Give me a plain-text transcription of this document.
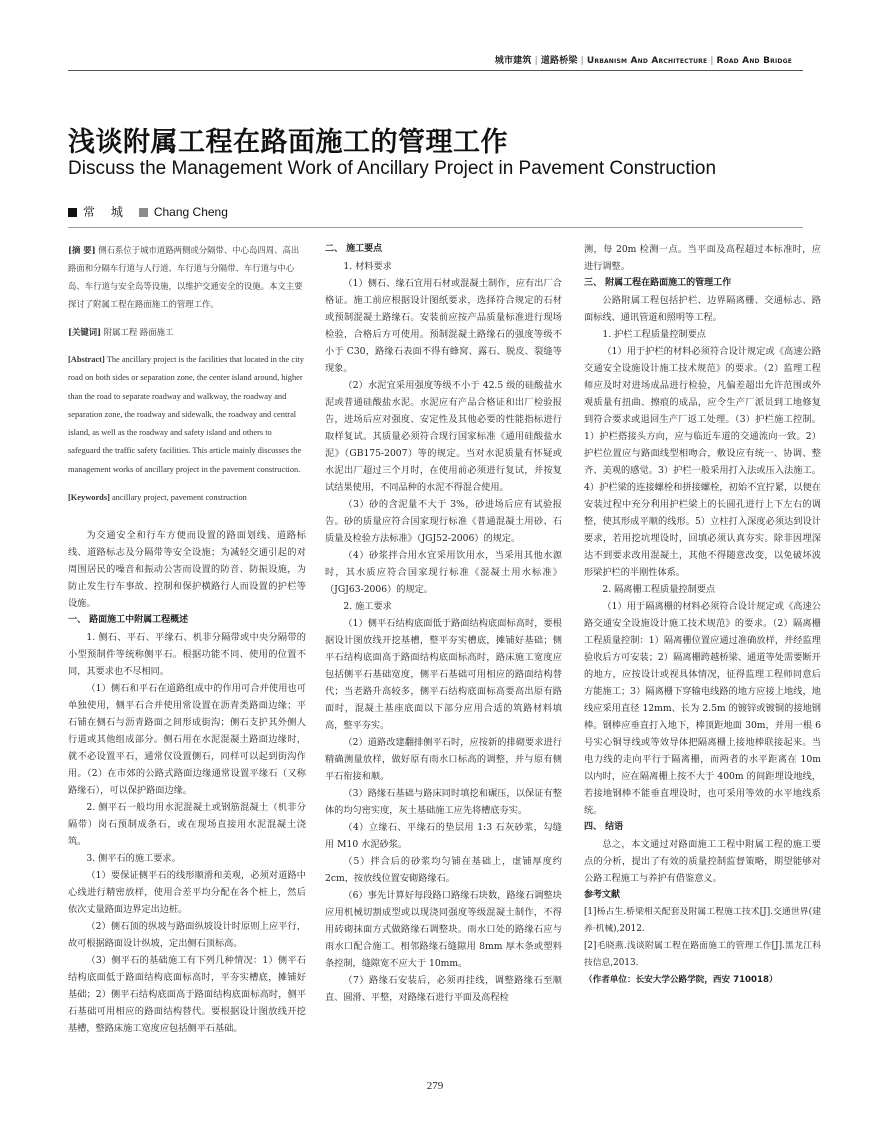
城市建筑 | 道路桥梁 | Urbanism And Architecture | Road And Bridge
浅谈附属工程在路面施工的管理工作
Discuss the Management Work of Ancillary Project in Pavement Construction
常 城 Chang Cheng
[摘 要] 侧石系位于城市道路两侧或分隔带、中心岛四周、高出路面和分隔车行道与人行道、车行道与分隔带、车行道与中心岛、车行道与安全岛等设施，以维护交通安全的设施。本文主要探讨了附属工程在路面施工的管理工作。
[关键词] 附属工程 路面施工
[Abstract] The ancillary project is the facilities that located in the city road on both sides or separation zone, the center island around, higher than the road to separate roadway and walkway, the roadway and separation zone, the roadway and sidewalk, the roadway and central island, as well as the roadway and safety island and others to safeguard the traffic safety facilities. This article mainly discusses the management works of ancillary project in the pavement construction.
[Keywords] ancillary project, pavement construction

为交通安全和行车方便而设置的路面划线、道路标线、道路标志及分隔带等安全设施；为减轻交通引起的对周围居民的噪音和振动公害而设置的防音、防振设施，为防止发生行车事故、控制和保护横路行人而设置的护栏等设施。

一、 路面施工中附属工程概述

1. 侧石、平石、平缘石、机非分隔带或中央分隔带的小型预制件等统称侧平石。根据功能不同、使用的位置不同，其要求也不尽相同。

（1）侧石和平石在道路组成中的作用可合并使用也可单独使用，侧平石合并使用常设置在沥青类路面边缘；平石铺在侧石与沥青路面之间形成街沟；侧石支护其外侧人行道或其他组成部分。侧石用在水泥混凝土路面边缘时，就不必设置平石，通常仅设置侧石，同样可以起到街沟作用。（2）在市郊的公路式路面边缘通常设置平缘石（又称路缘石），可以保护路面边缘。

2. 侧平石一般均用水泥混凝土或钢筋混凝土（机非分隔带）岗石预制成条石，或在现场直接用水泥混凝土浇筑。

3. 侧平石的施工要求。

（1）要保证侧平石的线形顺滑和美观，必须对道路中心线进行精密放样，使用合差平均分配在各个桩上，然后依次丈量路面边界定出边桩。

（2）侧石顶的纵坡与路面纵坡设计时原则上应平行，故可根据路面设计纵坡，定出侧石顶标高。

（3）侧平石的基础施工有下列几种情况：1）侧平石结构底面低于路面结构底面标高时，平夯实槽底，摊铺好基础；2）侧平石结构底面高于路面结构底面标高时，侧平石基础可用相应的路面结构替代。要根据设计图放线开挖基槽，整路床施工宽度应包括侧平石基础。

二、 施工要点

1. 材料要求

（1）侧石、缘石宜用石材或混凝土制作，应有出厂合格证。施工前应根据设计图纸要求，选择符合规定的石材或预制混凝土路缘石。安装前应按产品质量标准进行现场检验，合格后方可使用。预制混凝土路缘石的强度等级不小于 C30，路缘石表面不得有蜂窝、露石、脱皮、裂缝等现象。

（2）水泥宜采用强度等级不小于 42.5 级的硅酸盐水泥或普通硅酸盐水泥。水泥应有产品合格证和出厂检验报告，进场后应对强度、安定性及其他必要的性能指标进行取样复试。其质量必须符合现行国家标准《通用硅酸盐水泥》（GB175-2007）等的规定。当对水泥质量有怀疑或水泥出厂超过三个月时，在使用前必须进行复试，并按复试结果使用，不同品种的水泥不得混合使用。

（3）砂的含泥量不大于 3%，砂进场后应有试验报告。砂的质量应符合国家现行标准《普通混凝土用砂、石质量及检验方法标准》（JGJ52-2006）的规定。

（4）砂浆拌合用水宜采用饮用水，当采用其他水源时，其水质应符合国家现行标准《混凝土用水标准》（JGJ63-2006）的规定。

2. 施工要求

（1）侧平石结构底面低于路面结构底面标高时，要根据设计图放线开挖基槽，整平夯实槽底，摊铺好基础；侧平石结构底面高于路面结构底面标高时，路床施工宽度应包括侧平石基础宽度，侧平石基础可用相应的路面结构替代；当老路升高较多，侧平石结构底面标高要高出原有路面时，混凝土基座底面以下部分应用合适的筑路材料填高，整平夯实。

（2）道路改建翻排侧平石时，应按新的排砌要求进行精确测量放样，做好原有雨水口标高的调整，并与原有侧平石衔接和顺。

（3）路缘石基础与路床同时填挖和碾压，以保证有整体的均匀密实度，灰土基础施工应先将槽底夯实。

（4）立缘石、平缘石的垫层用 1:3 石灰砂浆，勾缝用 M10 水泥砂浆。

（5）拌合后的砂浆均匀铺在基础上，虚铺厚度约 2cm，按放线位置安砌路缘石。

（6）事先计算好每段路口路缘石块数，路缘石调整块应用机械切割成型或以现浇同强度等级混凝土制作，不得用砖砌抹面方式做路缘石调整块。雨水口处的路缘石应与雨水口配合施工。相邻路缘石缝隙用 8mm 厚木条或塑料条控制，缝隙宽不应大于 10mm。

（7）路缘石安装后，必须再挂线，调整路缘石至顺直、圆滑、平整，对路缘石进行平面及高程检

测，每 20m 检测一点。当平面及高程超过本标准时，应进行调整。

三、 附属工程在路面施工的管理工作

公路附属工程包括护栏、边界隔离栅、交通标志、路面标线、通讯管道和照明等工程。

1. 护栏工程质量控制要点

（1）用于护栏的材料必须符合设计规定或《高速公路交通安全设施设计施工技术规范》的要求。（2）监理工程师应及时对进场成品进行检验，凡偏差超出允许范围或外观质量有扭曲、擦痕的成品，应令生产厂派员到工地修复到符合要求或退回生产厂返工处理。（3）护栏施工控制。1）护栏搭接头方向，应与临近车道的交通流向一致。2）护栏位置应与路面线型相吻合，敷设应有统一、协调、整齐、美观的感觉。3）护栏一般采用打入法或压入法施工。4）护栏梁的连接螺栓和拼接螺栓，初始不宜拧紧，以便在安装过程中充分利用护栏梁上的长圆孔进行上下左右的调整，使其形成平顺的线形。5）立柱打入深度必须达到设计要求，若用挖坑埋设时，回填必须认真夯实。除非因埋深达不到要求改用混凝土，其他不得随意改变，以免破坏波形梁护栏的半刚性体系。

2. 隔离栅工程质量控制要点

（1）用于隔离栅的材料必须符合设计规定或《高速公路交通安全设施设计施工技术规范》的要求。（2）隔离栅工程质量控制：1）隔离栅位置应通过准确放样，并经监理验收后方可安装；2）隔离栅跨越桥梁、通道等处需要断开的地方，应按设计或视具体情况，征得监理工程师同意后方能施工；3）隔离栅下穿输电线路的地方应接上地线，地线应采用直径 12mm、长为 2.5m 的镀锌或镀铜的接地钢棒。钢棒应垂直打入地下，棒顶距地面 30m，并用一根 6 号实心铜导线或等效导体把隔离栅上接地棒联接起来。当电力线的走向平行于隔离栅，而两者的水平距离在 10m 以内时，应在隔离栅上按不大于 400m 的间距埋设地线，若接地钢棒不能垂直埋设时，也可采用等效的水平地线系统。

四、 结语

总之，本文通过对路面施工工程中附属工程的施工要点的分析，提出了有效的质量控制监督策略，期望能够对公路工程施工与养护有借鉴意义。

参考文献

[1]杨占生.桥梁相关配套及附属工程施工技术[J].交通世界(建养·机械),2012.

[2]毛晓燕.浅谈附属工程在路面施工的管理工作[J].黑龙江科技信息,2013.

（作者单位：长安大学公路学院，西安 710018）

279
